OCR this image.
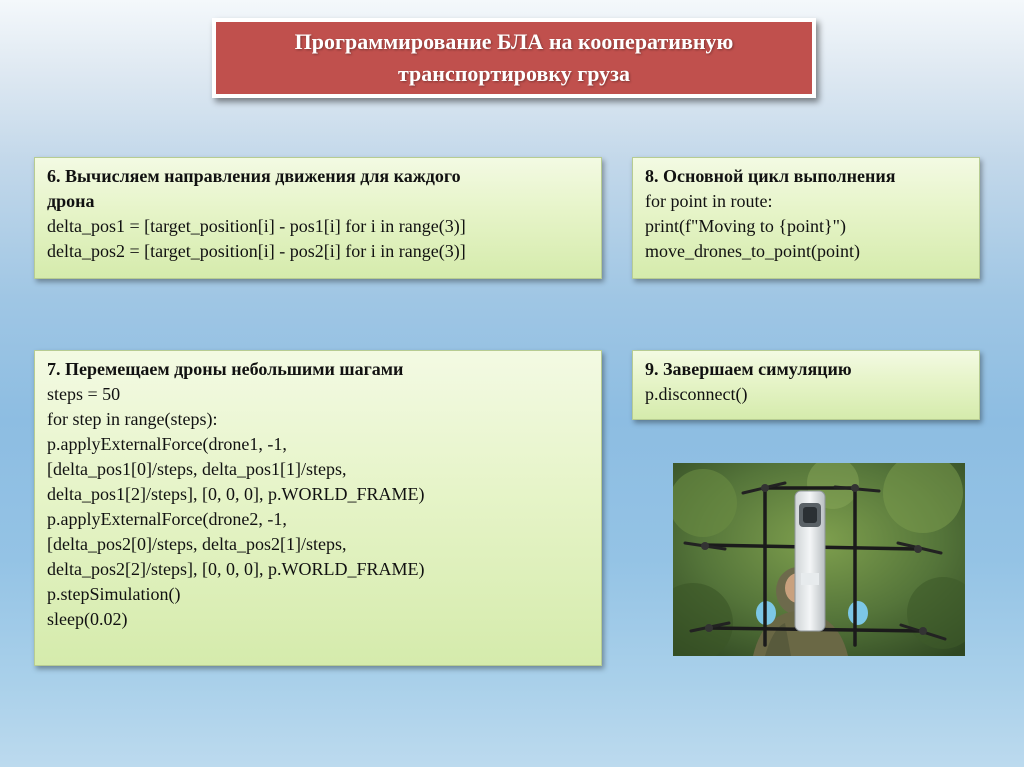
Программирование БЛА на кооперативную
транспортировку груза
6. Вычисляем направления движения для каждого
дрона
delta_pos1 = [target_position[i] - pos1[i] for i in range(3)]
delta_pos2 = [target_position[i] - pos2[i] for i in range(3)]
8. Основной цикл выполнения
for point in route:
print(f"Moving to {point}")
move_drones_to_point(point)
7. Перемещаем дроны небольшими шагами
steps = 50
for step in range(steps):
p.applyExternalForce(drone1, -1,
[delta_pos1[0]/steps, delta_pos1[1]/steps,
delta_pos1[2]/steps], [0, 0, 0], p.WORLD_FRAME)
p.applyExternalForce(drone2, -1,
[delta_pos2[0]/steps, delta_pos2[1]/steps,
delta_pos2[2]/steps], [0, 0, 0], p.WORLD_FRAME)
p.stepSimulation()
sleep(0.02)
9. Завершаем симуляцию
p.disconnect()
